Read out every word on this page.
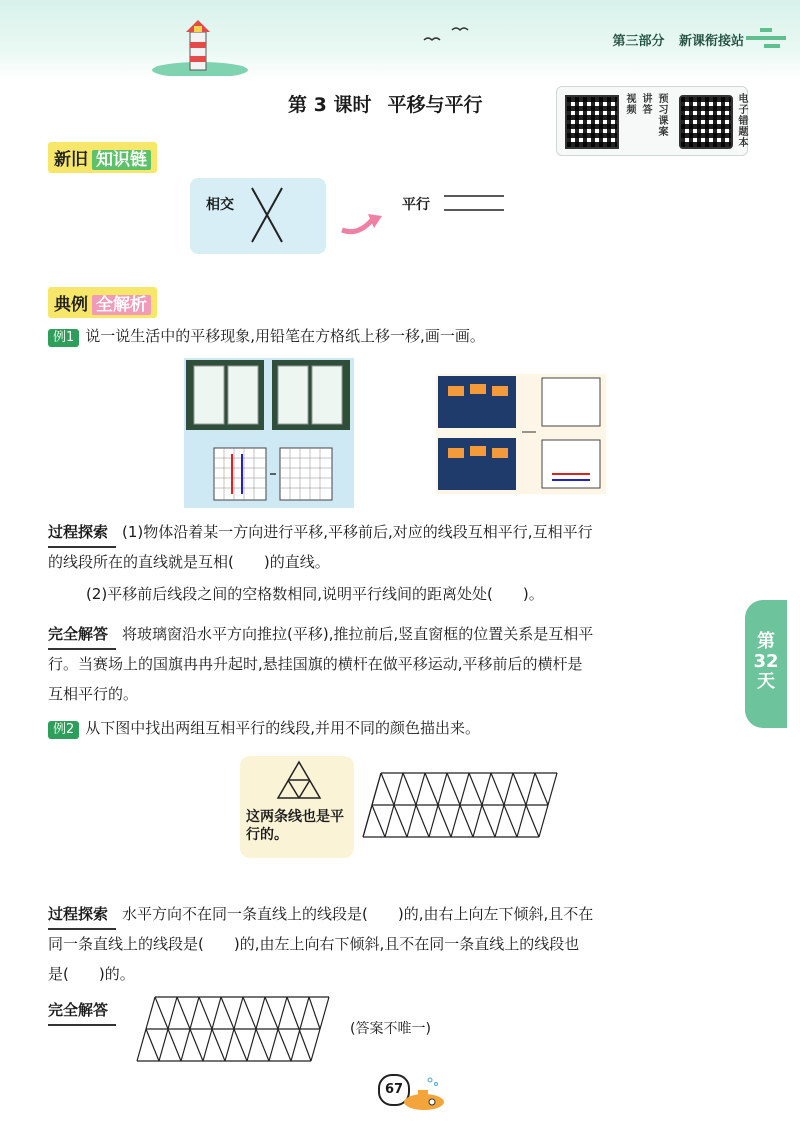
第三部分 新课衔接站
第 3 课时 平移与平行	视频 讲答 预习课案	电子错题本
新旧 知识链
相交	平行
典例 全解析
例1 说一说生活中的平移现象,用铅笔在方格纸上移一移,画一画。
过程探索 (1)物体沿着某一方向进行平移,平移前后,对应的线段互相平行,互相平行
的线段所在的直线就是互相(　　)的直线。
(2)平移前后线段之间的空格数相同,说明平行线间的距离处处(　　)。
完全解答 将玻璃窗沿水平方向推拉(平移),推拉前后,竖直窗框的位置关系是互相平
行。当赛场上的国旗冉冉升起时,悬挂国旗的横杆在做平移运动,平移前后的横杆是
互相平行的。
例2 从下图中找出两组互相平行的线段,并用不同的颜色描出来。
这两条线也是平行的。
过程探索 水平方向不在同一条直线上的线段是(　　)的,由右上向左下倾斜,且不在
同一条直线上的线段是(　　)的,由左上向右下倾斜,且不在同一条直线上的线段也
是(　　)的。
完全解答
(答案不唯一)
第32天
67
